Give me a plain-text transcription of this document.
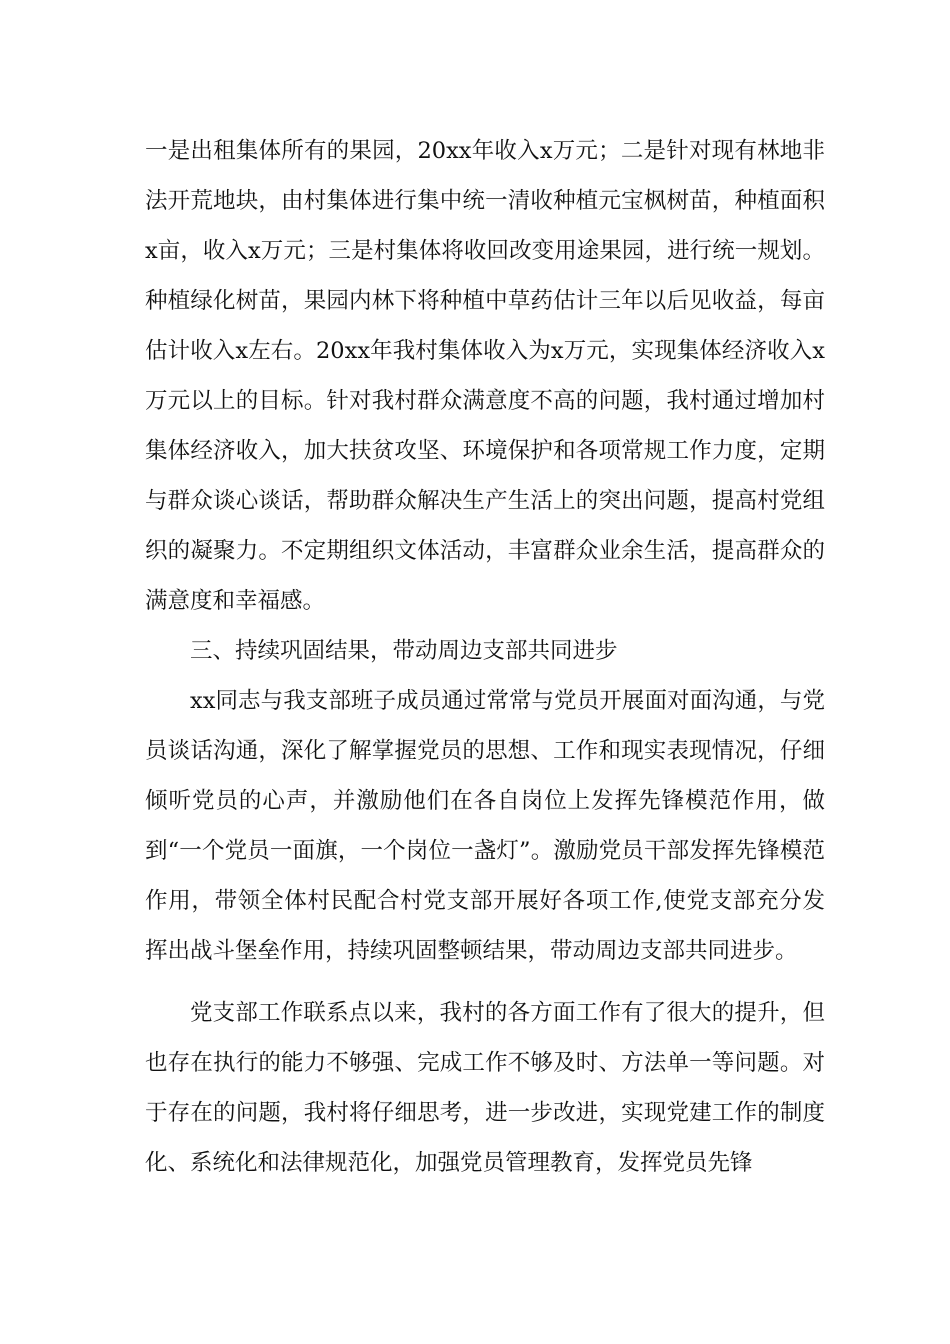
一是出租集体所有的果园，20xx年收入x万元；二是针对现有林地非法开荒地块，由村集体进行集中统一清收种植元宝枫树苗，种植面积x亩，收入x万元；三是村集体将收回改变用途果园，进行统一规划。种植绿化树苗，果园内林下将种植中草药估计三年以后见收益，每亩估计收入x左右。20xx年我村集体收入为x万元，实现集体经济收入x万元以上的目标。针对我村群众满意度不高的问题，我村通过增加村集体经济收入，加大扶贫攻坚、环境保护和各项常规工作力度，定期与群众谈心谈话，帮助群众解决生产生活上的突出问题，提高村党组织的凝聚力。不定期组织文体活动，丰富群众业余生活，提高群众的满意度和幸福感。

三、持续巩固结果，带动周边支部共同进步

xx同志与我支部班子成员通过常常与党员开展面对面沟通，与党员谈话沟通，深化了解掌握党员的思想、工作和现实表现情况，仔细倾听党员的心声，并激励他们在各自岗位上发挥先锋模范作用，做到“一个党员一面旗，一个岗位一盏灯”。激励党员干部发挥先锋模范作用，带领全体村民配合村党支部开展好各项工作,使党支部充分发挥出战斗堡垒作用，持续巩固整顿结果，带动周边支部共同进步。

党支部工作联系点以来，我村的各方面工作有了很大的提升，但也存在执行的能力不够强、完成工作不够及时、方法单一等问题。对于存在的问题，我村将仔细思考，进一步改进，实现党建工作的制度化、系统化和法律规范化，加强党员管理教育，发挥党员先锋
